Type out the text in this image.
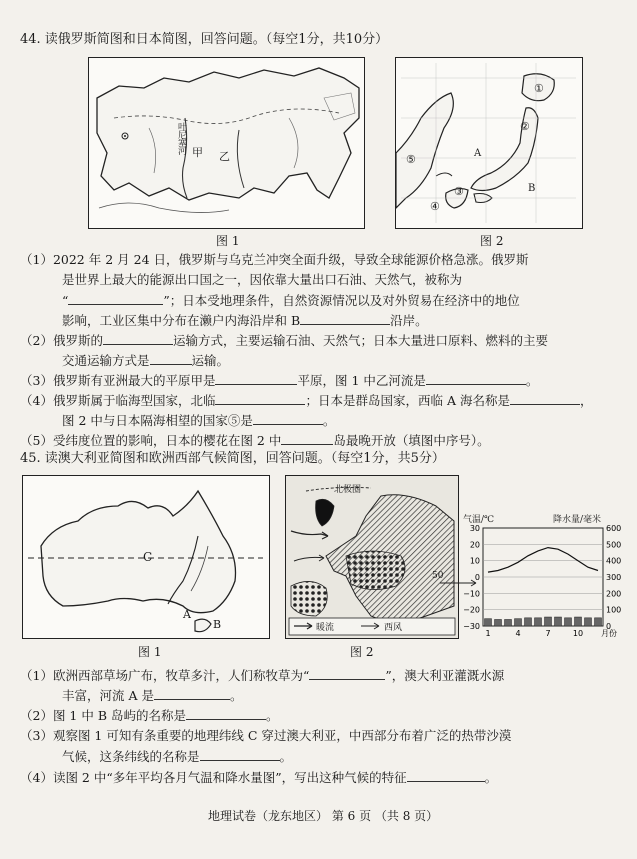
44. 读俄罗斯简图和日本简图，回答问题。（每空1分，共10分）
叶尼塞河 甲 乙
图 1
①
②
③
④
⑤	A
B
图 2
（1）2022 年 2 月 24 日，俄罗斯与乌克兰冲突全面升级，导致全球能源价格急涨。俄罗斯
是世界上最大的能源出口国之一，因依靠大量出口石油、天然气，被称为
“	”；日本受地理条件，自然资源情况以及对外贸易在经济中的地位
影响，工业区集中分布在濑户内海沿岸和 B	沿岸。
（2）俄罗斯的	运输方式，主要运输石油、天然气；日本大量进口原料、燃料的主要
交通运输方式是	运输。
（3）俄罗斯有亚洲最大的平原甲是	平原，图 1 中乙河流是	。
（4）俄罗斯属于临海型国家，北临	；日本是群岛国家，西临 A 海名称是	，
图 2 中与日本隔海相望的国家⑤是	。
（5）受纬度位置的影响，日本的樱花在图 2 中	岛最晚开放（填图中序号）。
45. 读澳大利亚简图和欧洲西部气候简图，回答问题。（每空1分，共5分）
C
A
B
图 1
北极圈
50
暖流	西风
图 2
气温/℃	降水量/毫米
30	600
20	500
10	400
0	300
−10	200
−20	100
−30	0
1	4	7	10 月份
（1）欧洲西部草场广布，牧草多汁，人们称牧草为“	”，澳大利亚灌溉水源
丰富，河流 A 是	。
（2）图 1 中 B 岛屿的名称是	。
（3）观察图 1 可知有条重要的地理纬线 C 穿过澳大利亚，中西部分布着广泛的热带沙漠
气候，这条纬线的名称是	。
（4）读图 2 中“多年平均各月气温和降水量图”，写出这种气候的特征	。
地理试卷（龙东地区） 第 6 页 （共 8 页）
